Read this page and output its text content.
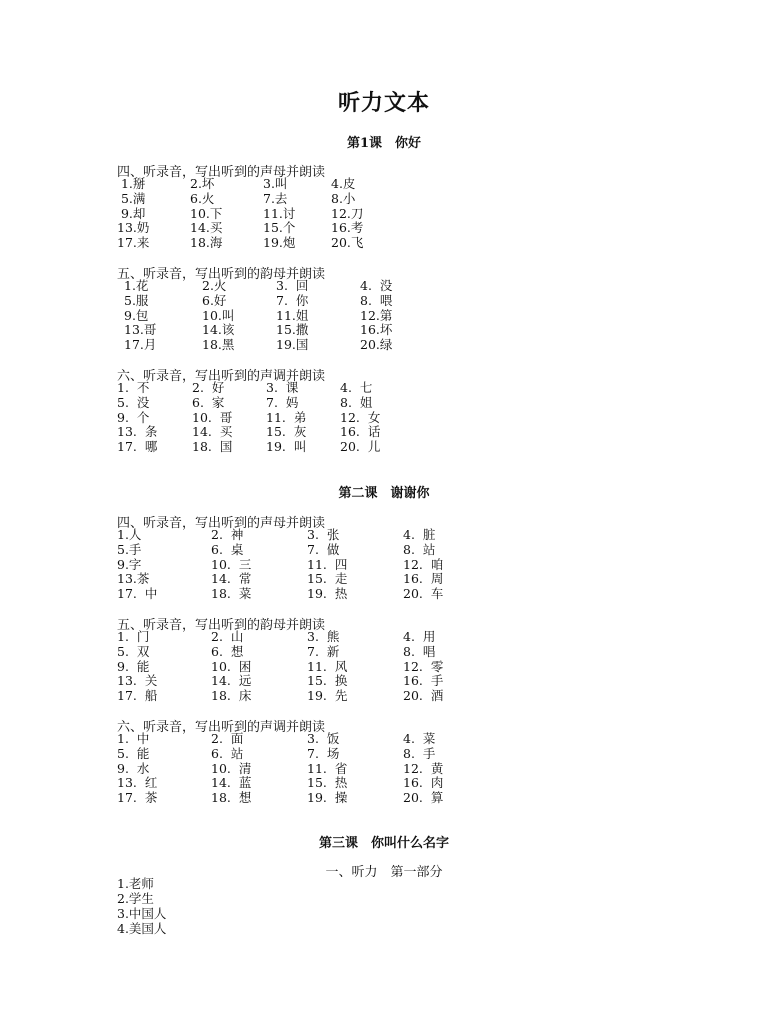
听力文本
第1课　你好
四、听录音，写出听到的声母并朗读
1.掰	2.坏	3.叫	4.皮
5.满	6.火	7.去	8.小
9.却	10.下	11.讨	12.刀
13.奶	14.买	15.个	16.考
17.来	18.海	19.炮	20.飞
五、听录音，写出听到的韵母并朗读
1.花	2.火	3.  回	4.  没
5.服	6.好	7.  你	8.  喂
9.包	10.叫	11.姐	12.第
13.哥	14.该	15.撒	16.坏
17.月	18.黑	19.国	20.绿
六、听录音，写出听到的声调并朗读
1.  不	2.  好	3.  课	4.  七
5.  没	6.  家	7.  妈	8.  姐
9.  个	10.  哥	11.  弟	12.  女
13.  条	14.  买	15.  灰	16.  话
17.  哪	18.  国	19.  叫	20.  儿
第二课　谢谢你
四、听录音，写出听到的声母并朗读
1.人	2.  神	3.  张	4.  脏
5.手	6.  桌	7.  做	8.  站
9.字	10.  三	11.  四	12.  咱
13.茶	14.  常	15.  走	16.  周
17.  中	18.  菜	19.  热	20.  车
五、听录音，写出听到的韵母并朗读
1.  门	2.  山	3.  熊	4.  用
5.  双	6.  想	7.  新	8.  唱
9.  能	10.  困	11.  风	12.  零
13.  关	14.  远	15.  换	16.  手
17.  船	18.  床	19.  先	20.  酒
六、听录音，写出听到的声调并朗读
1.  中	2.  面	3.  饭	4.  菜
5.  能	6.  站	7.  场	8.  手
9.  水	10.  清	11.  省	12.  黄
13.  红	14.  蓝	15.  热	16.  肉
17.  茶	18.  想	19.  操	20.  算
第三课　你叫什么名字
一、听力　第一部分
1.老师
2.学生
3.中国人
4.美国人
